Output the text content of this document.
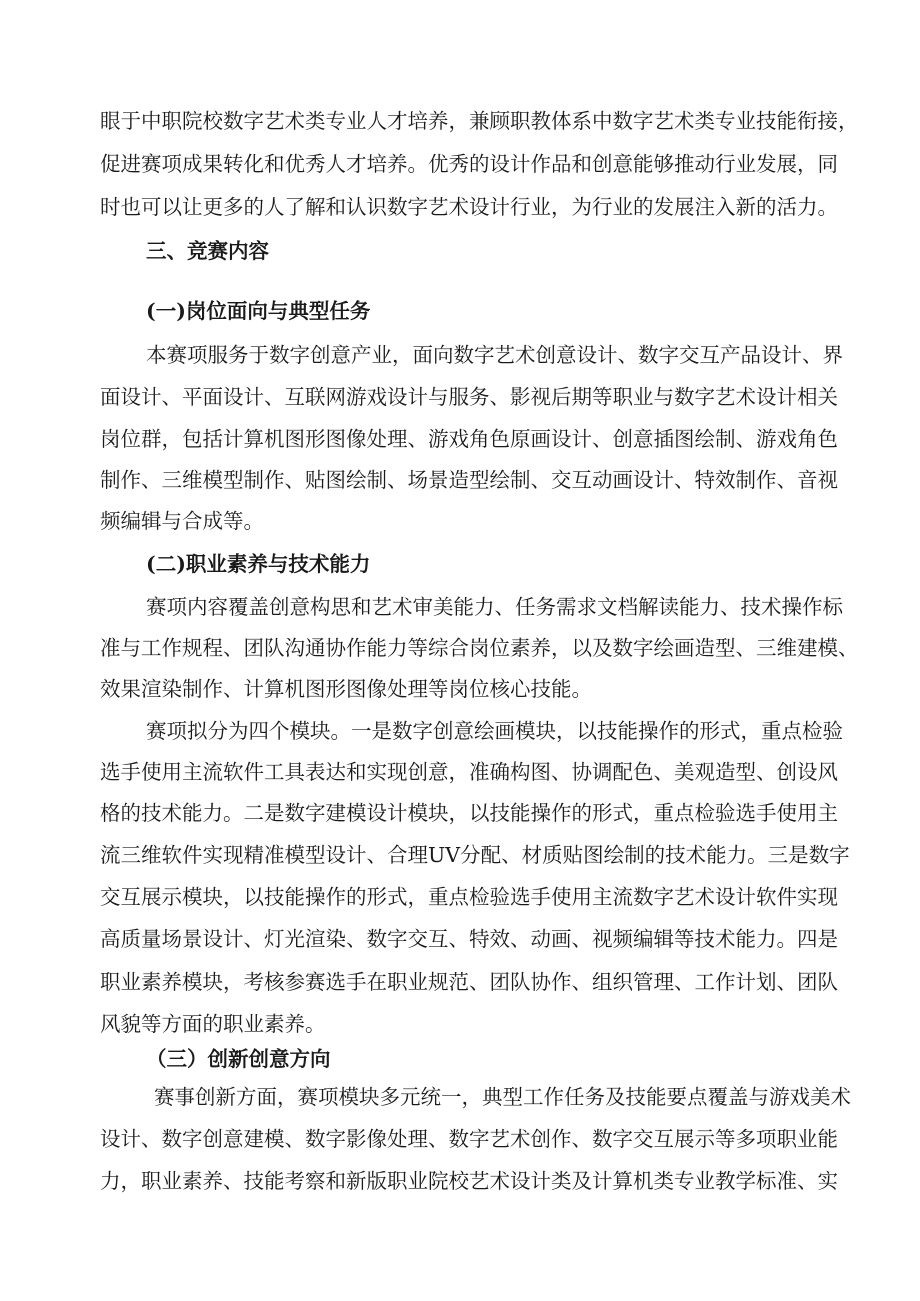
眼于中职院校数字艺术类专业人才培养，兼顾职教体系中数字艺术类专业技能衔接，
促进赛项成果转化和优秀人才培养。优秀的设计作品和创意能够推动行业发展，同
时也可以让更多的人了解和认识数字艺术设计行业，为行业的发展注入新的活力。
三、竞赛内容
(一)岗位面向与典型任务
本赛项服务于数字创意产业，面向数字艺术创意设计、数字交互产品设计、界
面设计、平面设计、互联网游戏设计与服务、影视后期等职业与数字艺术设计相关
岗位群，包括计算机图形图像处理、游戏角色原画设计、创意插图绘制、游戏角色
制作、三维模型制作、贴图绘制、场景造型绘制、交互动画设计、特效制作、音视
频编辑与合成等。
(二)职业素养与技术能力
赛项内容覆盖创意构思和艺术审美能力、任务需求文档解读能力、技术操作标
准与工作规程、团队沟通协作能力等综合岗位素养，以及数字绘画造型、三维建模、
效果渲染制作、计算机图形图像处理等岗位核心技能。
赛项拟分为四个模块。一是数字创意绘画模块，以技能操作的形式，重点检验
选手使用主流软件工具表达和实现创意，准确构图、协调配色、美观造型、创设风
格的技术能力。二是数字建模设计模块，以技能操作的形式，重点检验选手使用主
流三维软件实现精准模型设计、合理UV分配、材质贴图绘制的技术能力。三是数字
交互展示模块，以技能操作的形式，重点检验选手使用主流数字艺术设计软件实现
高质量场景设计、灯光渲染、数字交互、特效、动画、视频编辑等技术能力。四是
职业素养模块，考核参赛选手在职业规范、团队协作、组织管理、工作计划、团队
风貌等方面的职业素养。
（三）创新创意方向
赛事创新方面，赛项模块多元统一，典型工作任务及技能要点覆盖与游戏美术
设计、数字创意建模、数字影像处理、数字艺术创作、数字交互展示等多项职业能
力，职业素养、技能考察和新版职业院校艺术设计类及计算机类专业教学标准、实
